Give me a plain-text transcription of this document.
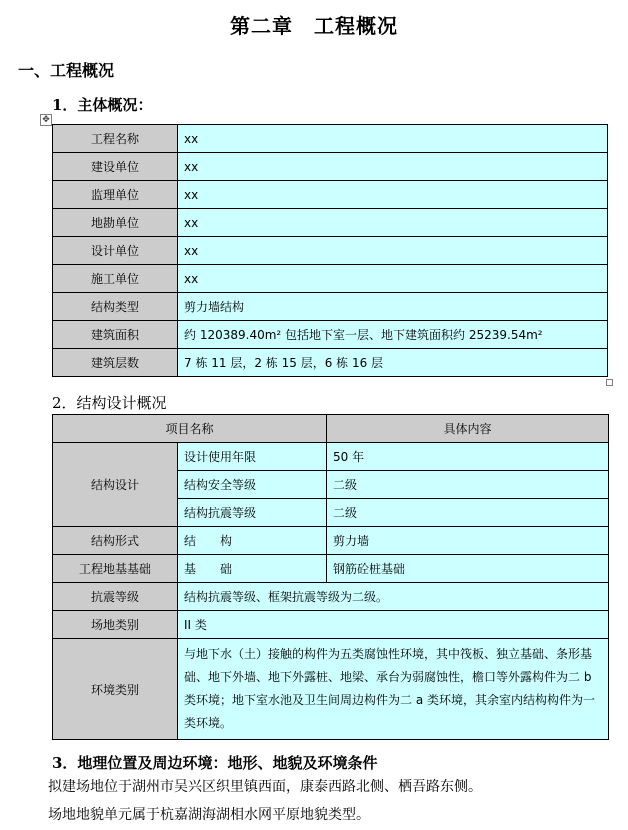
第二章　工程概况
一、工程概况
1．主体概况：
✥
工程名称	xx
建设单位	xx
监理单位	xx
地勘单位	xx
设计单位	xx
施工单位	xx
结构类型	剪力墙结构
建筑面积	约 120389.40m² 包括地下室一层、地下建筑面积约 25239.54m²
建筑层数	7 栋 11 层，2 栋 15 层，6 栋 16 层
2．结构设计概况
项目名称		具体内容
结构设计	设计使用年限	50 年
	结构安全等级	二级
	结构抗震等级	二级
结构形式	结　　构	剪力墙
工程地基基础	基　　础	钢筋砼桩基础
抗震等级	结构抗震等级、框架抗震等级为二级。	
场地类别	II 类	
环境类别	与地下水（土）接触的构件为五类腐蚀性环境，其中筏板、独立基础、条形基础、地下外墙、地下外露桩、地梁、承台为弱腐蚀性，檐口等外露构件为二 b 类环境；地下室水池及卫生间周边构件为二 a 类环境，其余室内结构构件为一类环境。	
3．地理位置及周边环境：地形、地貌及环境条件
拟建场地位于湖州市吴兴区织里镇西面，康泰西路北侧、栖吾路东侧。
场地地貌单元属于杭嘉湖海湖相水网平原地貌类型。
